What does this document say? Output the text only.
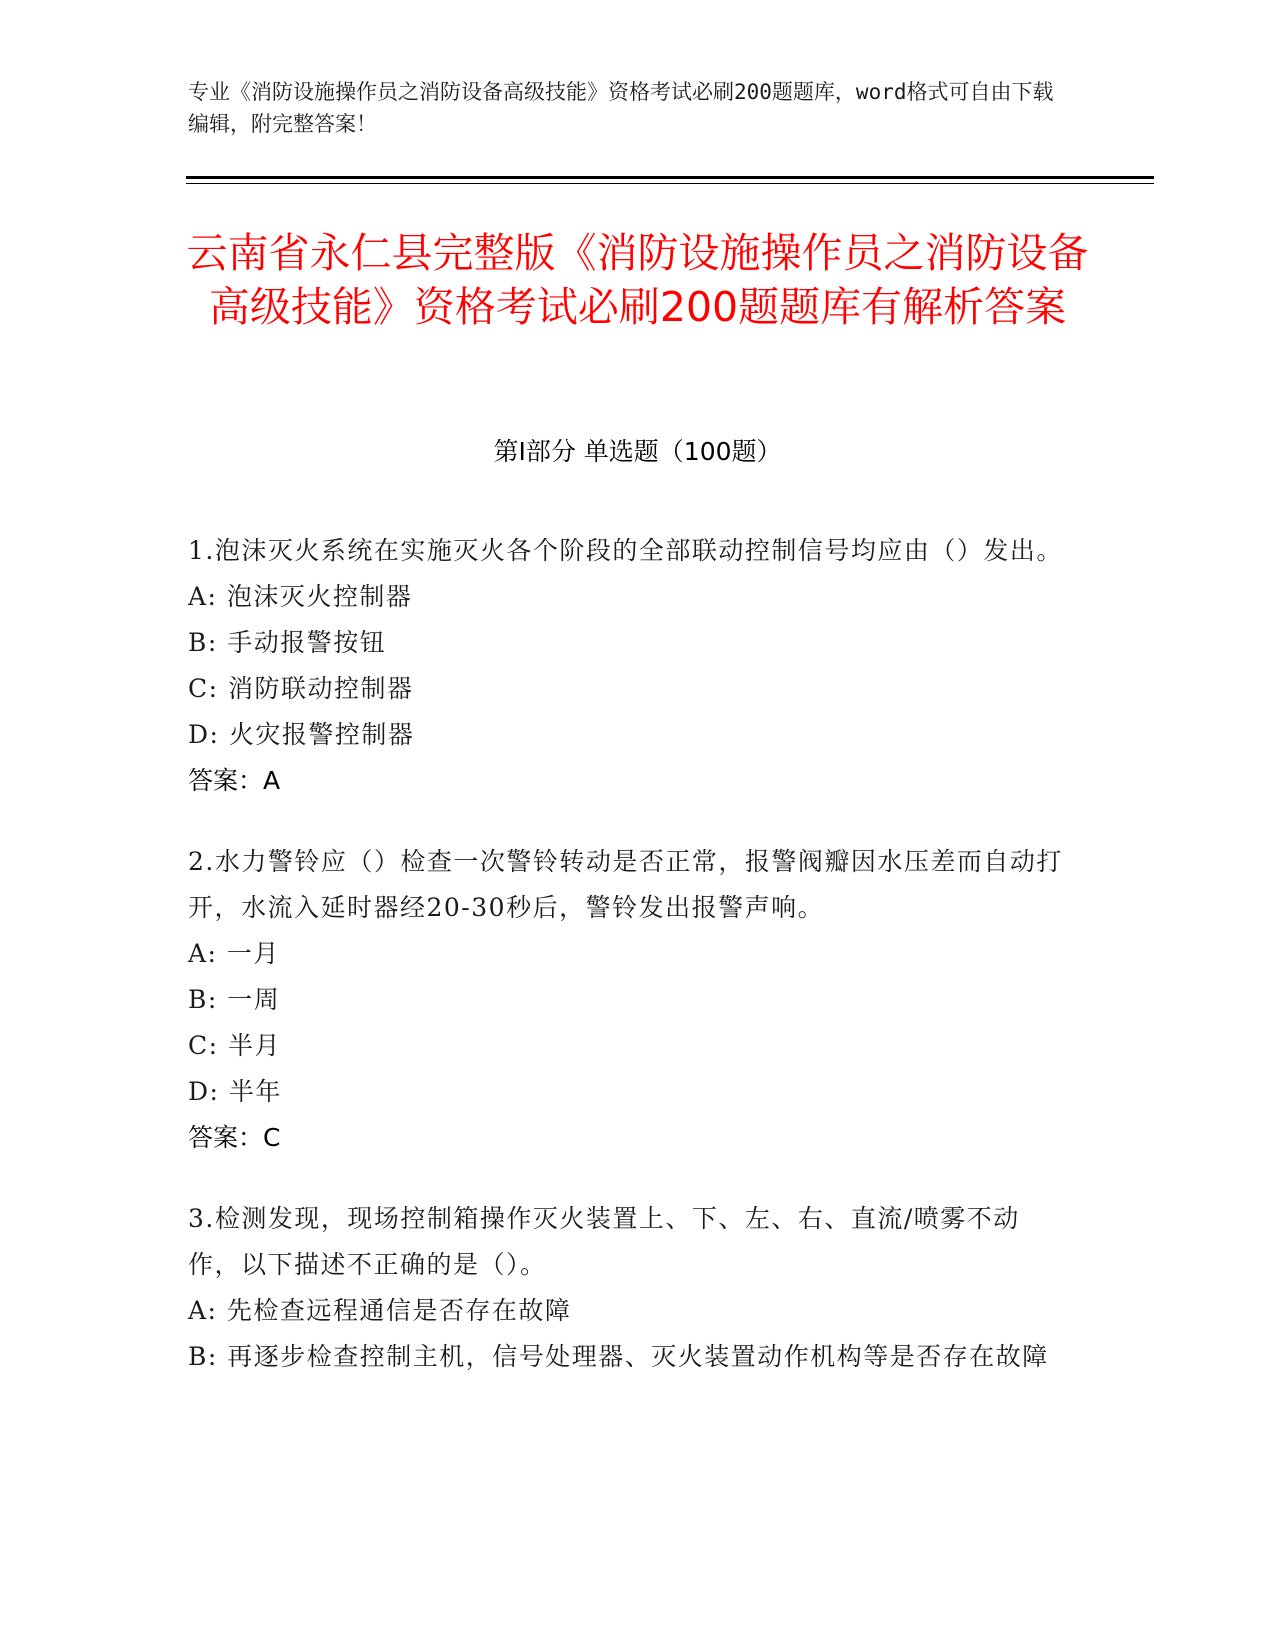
专业《消防设施操作员之消防设备高级技能》资格考试必刷200题题库，word格式可自由下载编辑，附完整答案！
云南省永仁县完整版《消防设施操作员之消防设备高级技能》资格考试必刷200题题库有解析答案
第Ⅰ部分 单选题（100题）
1.泡沫灭火系统在实施灭火各个阶段的全部联动控制信号均应由（）发出。
A: 泡沫灭火控制器
B: 手动报警按钮
C: 消防联动控制器
D: 火灾报警控制器
答案：A
2.水力警铃应（）检查一次警铃转动是否正常，报警阀瓣因水压差而自动打开，水流入延时器经20-30秒后，警铃发出报警声响。
A: 一月
B: 一周
C: 半月
D: 半年
答案：C
3.检测发现，现场控制箱操作灭火装置上、下、左、右、直流/喷雾不动作，以下描述不正确的是（）。
A: 先检查远程通信是否存在故障
B: 再逐步检查控制主机，信号处理器、灭火装置动作机构等是否存在故障
